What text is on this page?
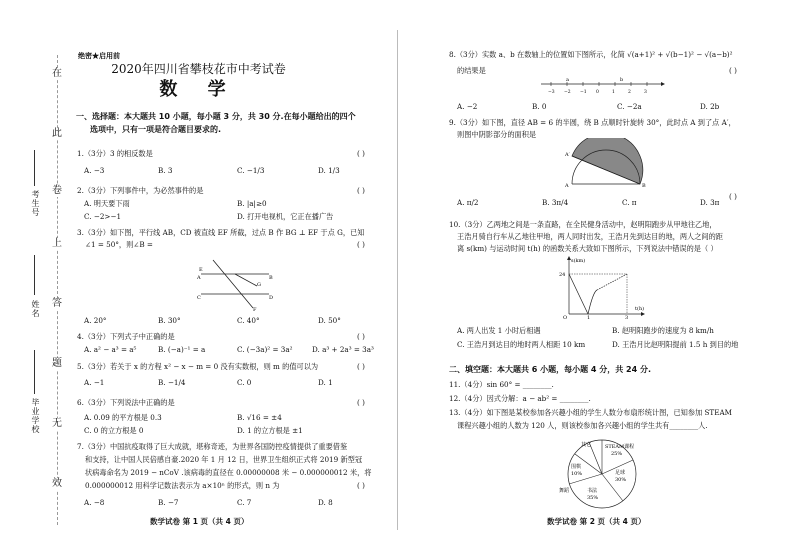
在
此
卷
上
答
题
无
效
考生号
姓名
毕业学校
绝密★启用前
2020年四川省攀枝花市中考试卷
数 学
一、选择题：本大题共 10 小题，每小题 3 分，共 30 分.在每小题给出的四个
选项中，只有一项是符合题目要求的.
1.（3分）3 的相反数是	( )
A. −3	B. 3	C. −1/3	D. 1/3
2.（3分）下列事件中，为必然事件的是	( )
A. 明天要下雨	B. |a|≥0
C. −2>−1	D. 打开电视机，它正在播广告
3.（3分）如下图，平行线 AB，CD 被直线 EF 所截，过点 B 作 BG ⊥ EF 于点 G，已知
∠1 = 50°，则∠B =	( )
E
A
C
B
D
F
G
A. 20°	B. 30°	C. 40°	D. 50°
4.（3分）下列式子中正确的是	( )
A. a² − a³ = a⁵	B. (−a)⁻¹ = a	C. (−3a)² = 3a²	D. a³ + 2a³ = 3a³
5.（3分）若关于 x 的方程 x² − x − m = 0 没有实数根，则 m 的值可以为	( )
A. −1	B. −1/4	C. 0	D. 1
6.（3分）下列说法中正确的是	( )
A. 0.09 的平方根是 0.3	B. √16 = ±4
C. 0 的立方根是 0	D. 1 的立方根是 ±1
7.（3分）中国抗疫取得了巨大成就，堪称奇迹，为世界各国防控疫情提供了重要借鉴
和支持，让中国人民倍感自豪.2020 年 1 月 12 日，世界卫生组织正式将 2019 新型冠
状病毒命名为 2019 − nCoV .该病毒的直径在 0.00000008 米 − 0.000000012 米，将
0.000000012 用科学记数法表示为 a×10ⁿ 的形式，则 n 为	( )
A. −8	B. −7	C. 7	D. 8
数学试卷 第 1 页（共 4 页）
8.（3分）实数 a、b 在数轴上的位置如下图所示，化简 √(a+1)² + √(b−1)² − √(a−b)²
的结果是	( )
−3 −2 −1 0	1	2	3
a	b
A. −2	B. 0	C. −2a	D. 2b
9.（3分）如下图，直径 AB = 6 的半圆，绕 B 点顺时针旋转 30°，此时点 A 到了点 A′，
则图中阴影部分的面积是
A′
A	B
( )
A. π/2	B. 3π/4	C. π	D. 3π
10.（3分）乙两地之间是一条直路，在全民健身活动中，赵明阳跑步从甲地往乙地，
王浩月骑自行车从乙地往甲地，两人同时出发，王浩月先到达目的地，两人之间的距
离 s(km) 与运动时间 t(h) 的函数关系大致如下图所示，下列说法中错误的是（ ）
s(km)
24
O	1	3
t(h)
A. 两人出发 1 小时后相遇	B. 赵明阳跑步的速度为 8 km/h
C. 王浩月到达目的地时两人相距 10 km	D. 王浩月比赵明阳提前 1.5 h 到目的地
二、填空题：本大题共 6 小题，每小题 4 分，共 24 分.
11.（4分）sin 60° = ________.
12.（4分）因式分解：a − ab² = ________.
13.（4分）如下图是某校参加各兴趣小组的学生人数分布扇形统计图，已知参加 STEAM
课程兴趣小组的人数为 120 人，则该校参加各兴趣小组的学生共有________人.
其它	STEAM课程
25%
围棋
10%	足球
30%
书法
35%
舞蹈
数学试卷 第 2 页（共 4 页）
